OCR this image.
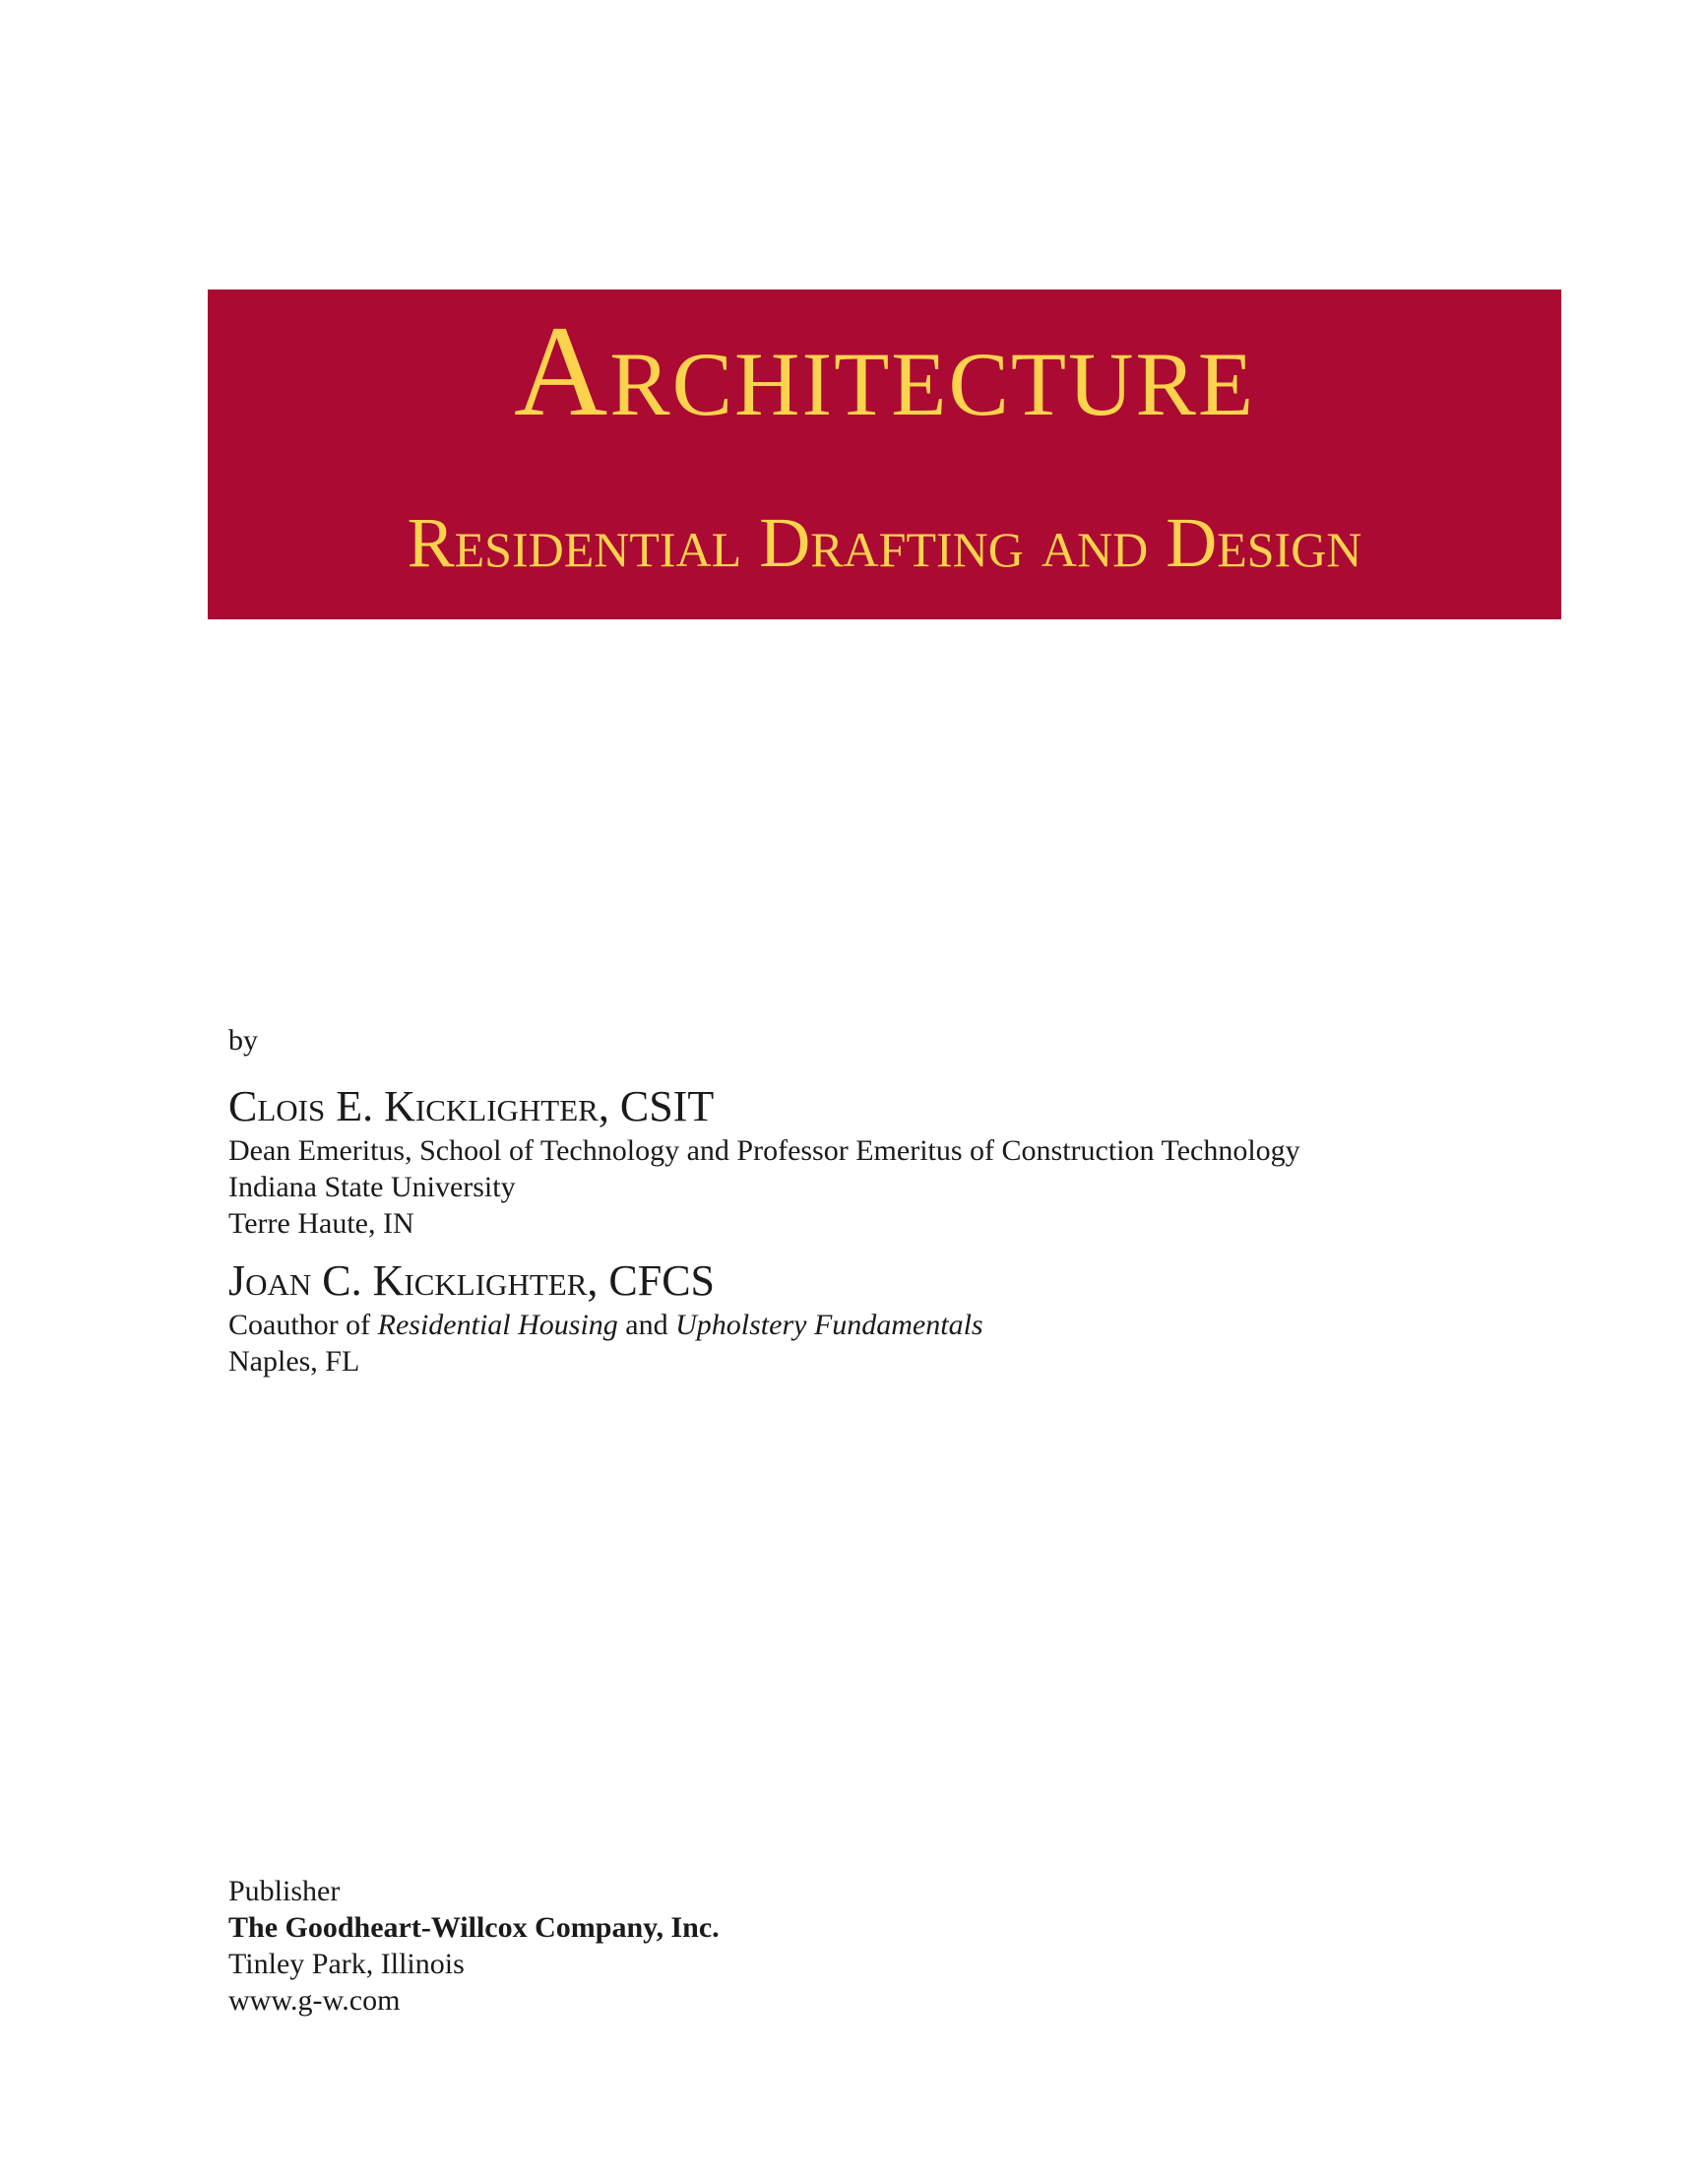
Architecture
Residential Drafting and Design
by

Clois E. Kicklighter, CSIT

Dean Emeritus, School of Technology and Professor Emeritus of Construction Technology

Indiana State University

Terre Haute, IN

Joan C. Kicklighter, CFCS

Coauthor of Residential Housing and Upholstery Fundamentals

Naples, FL

Publisher

The Goodheart-Willcox Company, Inc.

Tinley Park, Illinois

www.g-w.com
